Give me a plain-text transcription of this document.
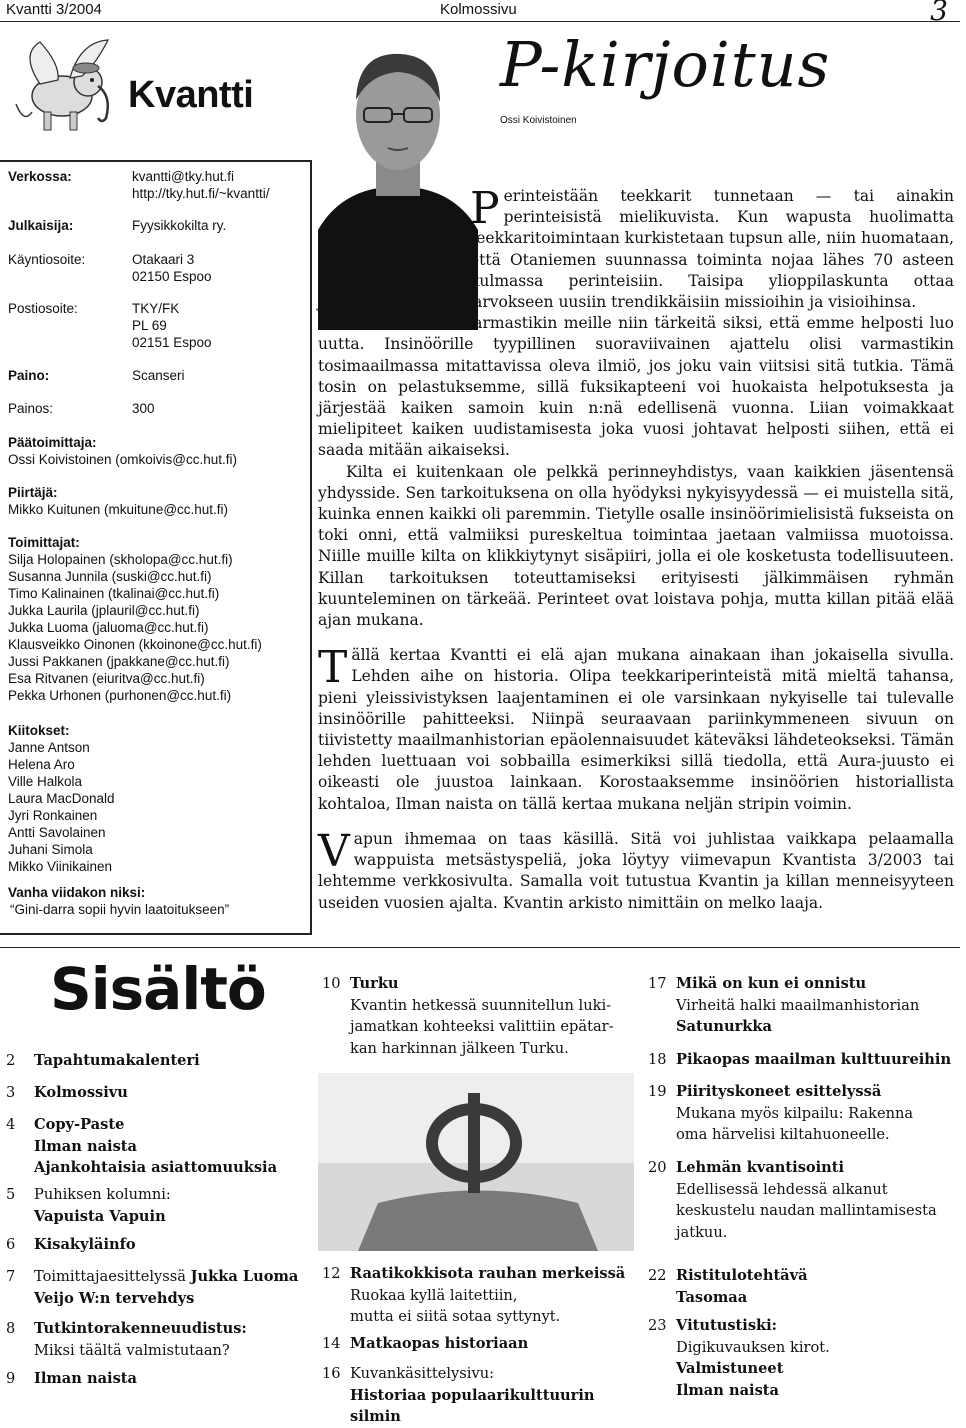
Kvantti 3/2004	Kolmossivu	3
Kvantti
Verkossa:	kvantti@tky.hut.fi
http://tky.hut.fi/~kvantti/
Julkaisija:	Fyysikkokilta ry.
Käyntiosoite:	Otakaari 3
02150 Espoo
Postiosoite:	TKY/FK
PL 69
02151 Espoo
Paino:	Scanseri
Painos:	300
Päätoimittaja:
Ossi Koivistoinen (omkoivis@cc.hut.fi)
Piirtäjä:
Mikko Kuitunen (mkuitune@cc.hut.fi)
Toimittajat:
Silja Holopainen (skholopa@cc.hut.fi)
Susanna Junnila (suski@cc.hut.fi)
Timo Kalinainen (tkalinai@cc.hut.fi)
Jukka Laurila (jplauril@cc.hut.fi)
Jukka Luoma (jaluoma@cc.hut.fi)
Klausveikko Oinonen (kkoinone@cc.hut.fi)
Jussi Pakkanen (jpakkane@cc.hut.fi)
Esa Ritvanen (eiuritva@cc.hut.fi)
Pekka Urhonen (purhonen@cc.hut.fi)
Kiitokset:
Janne Antson
Helena Aro
Ville Halkola
Laura MacDonald
Jyri Ronkainen
Antti Savolainen
Juhani Simola
Mikko Viinikainen
Vanha viidakon niksi:
“Gini-darra sopii hyvin laatoitukseen”
P-kirjoitus
Ossi Koivistoinen

Perinteistään teekkarit tunnetaan — tai ainakin perinteisistä mielikuvista. Kun wapusta huolimatta teekkaritoimintaan kurkistetaan tupsun alle, niin huomataan, että Otaniemen suunnassa toiminta nojaa lähes 70 asteen kulmassa perinteisiin. Taisipa ylioppilaskunta ottaa jatkuvuuden oikein arvokseen uusiin trendikkäisiin missioihin ja visioihinsa.

Perinteet ovat varmastikin meille niin tärkeitä siksi, että emme helposti luo uutta. Insinöörille tyypillinen suoraviivainen ajattelu olisi varmastikin tosimaailmassa mitattavissa oleva ilmiö, jos joku vain viitsisi sitä tutkia. Tämä tosin on pelastuksemme, sillä fuksikapteeni voi huokaista helpotuksesta ja järjestää kaiken samoin kuin n:nä edellisenä vuonna. Liian voimakkaat mielipiteet kaiken uudistamisesta joka vuosi johtavat helposti siihen, että ei saada mitään aikaiseksi.

Kilta ei kuitenkaan ole pelkkä perinneyhdistys, vaan kaikkien jäsentensä yhdysside. Sen tarkoituksena on olla hyödyksi nykyisyydessä — ei muistella sitä, kuinka ennen kaikki oli paremmin. Tietylle osalle insinöörimielisistä fukseista on toki onni, että valmiiksi pureskeltua toimintaa jaetaan valmiissa muotoissa. Niille muille kilta on klikkiytynyt sisäpiiri, jolla ei ole kosketusta todellisuuteen. Killan tarkoituksen toteuttamiseksi erityisesti jälkimmäisen ryhmän kuunteleminen on tärkeää. Perinteet ovat loistava pohja, mutta killan pitää elää ajan mukana.

Tällä kertaa Kvantti ei elä ajan mukana ainakaan ihan jokaisella sivulla. Lehden aihe on historia. Olipa teekkariperinteistä mitä mieltä tahansa, pieni yleissivistyksen laajentaminen ei ole varsinkaan nykyiselle tai tulevalle insinöörille pahitteeksi. Niinpä seuraavaan pariinkymmeneen sivuun on tiivistetty maailmanhistorian epäolennaisuudet käteväksi lähdeteokseksi. Tämän lehden luettuaan voi sobbailla esimerkiksi sillä tiedolla, että Aura-juusto ei oikeasti ole juustoa lainkaan. Korostaaksemme insinöörien historiallista kohtaloa, Ilman naista on tällä kertaa mukana neljän stripin voimin.

Vapun ihmemaa on taas käsillä. Sitä voi juhlistaa vaikkapa pelaamalla wappuista metsästyspeliä, joka löytyy viimevapun Kvantista 3/2003 tai lehtemme verkkosivulta. Samalla voit tutustua Kvantin ja killan menneisyyteen useiden vuosien ajalta. Kvantin arkisto nimittäin on melko laaja.

Sisältö
2	Tapahtumakalenteri
3	Kolmossivu
4	Copy-Paste
Ilman naista
Ajankohtaisia asiattomuuksia
5	Puhiksen kolumni:
Vapuista Vapuin
6	Kisakyläinfo
7	Toimittajaesittelyssä Jukka Luoma
Veijo W:n tervehdys
8	Tutkintorakenneuudistus:
Miksi täältä valmistutaan?
9	Ilman naista
10 Turku
Kvantin hetkessä suunnitellun luki-
jamatkan kohteeksi valittiin epätar-
kan harkinnan jälkeen Turku.
12 Raatikokkisota rauhan merkeissä
Ruokaa kyllä laitettiin,
mutta ei siitä sotaa syttynyt.
14 Matkaopas historiaan
16 Kuvankäsittelysivu:
Historiaa populaarikulttuurin silmin
17 Mikä on kun ei onnistu
Virheitä halki maailmanhistorian
Satunurkka
18 Pikaopas maailman kulttuureihin
19 Piirityskoneet esittelyssä
Mukana myös kilpailu: Rakenna
oma härvelisi kiltahuoneelle.
20 Lehmän kvantisointi
Edellisessä lehdessä alkanut
keskustelu naudan mallintamisesta
jatkuu.
22 Ristitulotehtävä
Tasomaa
23 Vitutustiski:
Digikuvauksen kirot.
Valmistuneet
Ilman naista
